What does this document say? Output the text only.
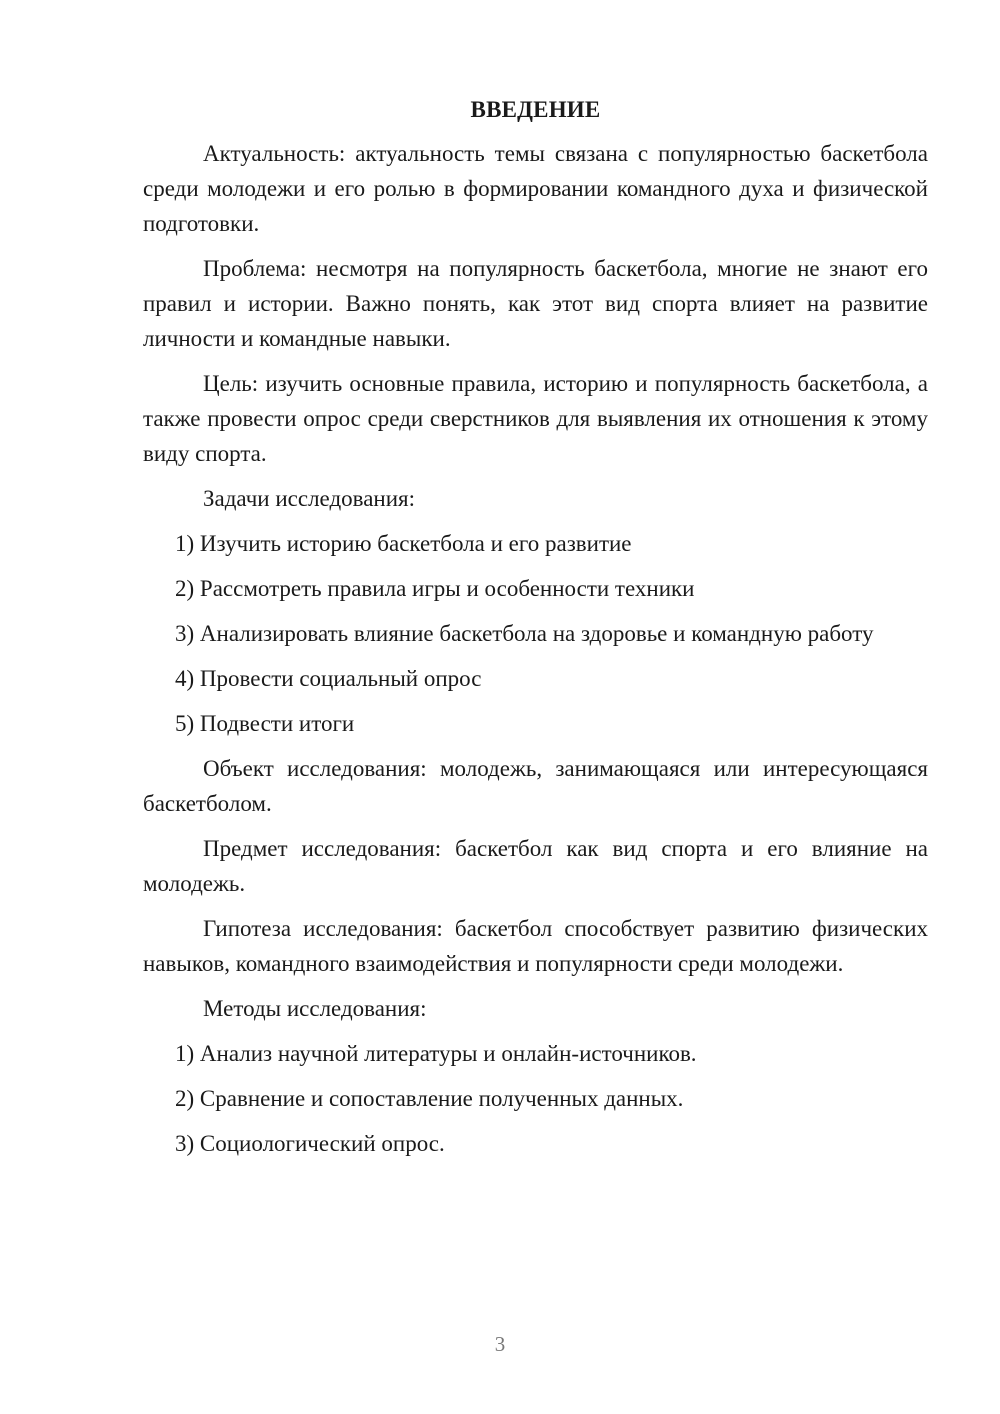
ВВЕДЕНИЕ

Актуальность: актуальность темы связана с популярностью баскетбола среди молодежи и его ролью в формировании командного духа и физической подготовки.

Проблема: несмотря на популярность баскетбола, многие не знают его правил и истории. Важно понять, как этот вид спорта влияет на развитие личности и командные навыки.

Цель: изучить основные правила, историю и популярность баскетбола, а также провести опрос среди сверстников для выявления их отношения к этому виду спорта.

Задачи исследования:

1) Изучить историю баскетбола и его развитие

2) Рассмотреть правила игры и особенности техники

3) Анализировать влияние баскетбола на здоровье и командную работу

4) Провести социальный опрос

5) Подвести итоги

Объект исследования: молодежь, занимающаяся или интересующаяся баскетболом.

Предмет исследования: баскетбол как вид спорта и его влияние на молодежь.

Гипотеза исследования: баскетбол способствует развитию физических навыков, командного взаимодействия и популярности среди молодежи.

Методы исследования:

1) Анализ научной литературы и онлайн-источников.

2) Сравнение и сопоставление полученных данных.

3) Социологический опрос.

3
